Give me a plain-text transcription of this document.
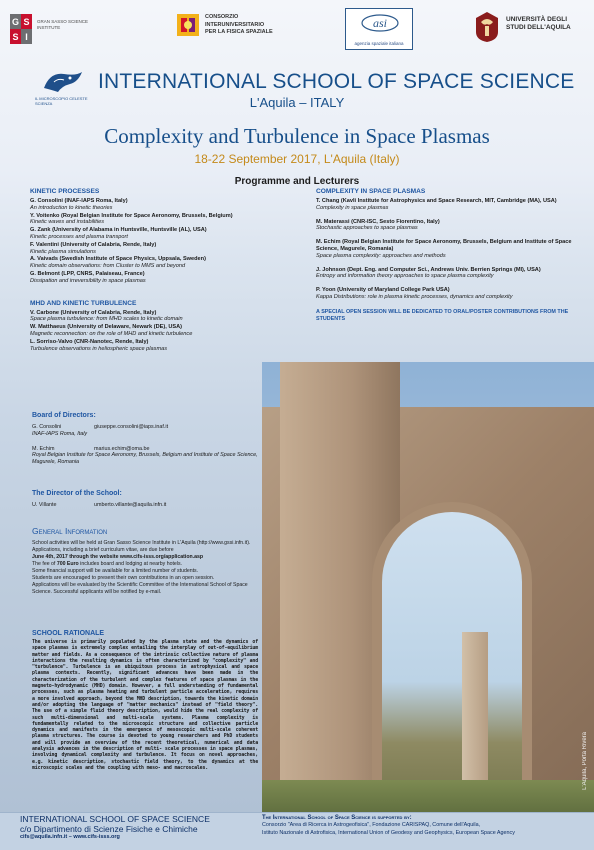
L'Aquila, Porta Rivera
G S
S I
GRAN SASSO SCIENCE INSTITUTE
CONSORZIO
INTERUNIVERSITARIO
PER LA FISICA SPAZIALE
asi
agenzia spaziale italiana
UNIVERSITÀ DEGLI
STUDI DELL'AQUILA
IL MICROSCOPIO CELESTE SCIENZA
INTERNATIONAL SCHOOL OF SPACE SCIENCE
L'Aquila – ITALY
Complexity and Turbulence in Space Plasmas
18-22 September 2017, L'Aquila (Italy)
Programme and Lecturers
KINETIC PROCESSES
G. Consolini (INAF-IAPS Roma, Italy)
An introduction to kinetic theories
Y. Voitenko (Royal Belgian Institute for Space Aeronomy, Brussels, Belgium)
Kinetic waves and instabilities
G. Zank (University of Alabama in Huntsville, Huntsville (AL), USA)
Kinetic processes and plasma transport
F. Valentini (University of Calabria, Rende, Italy)
Kinetic plasma simulations
A. Vaivads (Swedish Institute of Space Physics, Uppsala, Sweden)
Kinetic domain observations: from Cluster to MMS and beyond
G. Belmont (LPP, CNRS, Palaiseau, France)
Dissipation and irreversibility in space plasmas
MHD AND KINETIC TURBULENCE
V. Carbone (University of Calabria, Rende, Italy)
Space plasma turbulence: from MHD scales to kinetic domain
W. Matthaeus (University of Delaware, Newark (DE), USA)
Magnetic reconnection: on the role of MHD and kinetic turbulence
L. Sorriso-Valvo (CNR-Nanotec, Rende, Italy)
Turbulence observations in heliospheric space plasmas
COMPLEXITY IN SPACE PLASMAS
T. Chang (Kavli Institute for Astrophysics and Space Research, MIT, Cambridge (MA), USA)
Complexity in space plasmas
M. Materassi (CNR-ISC, Sesto Fiorentino, Italy)
Stochastic approaches to space plasmas
M. Echim (Royal Belgian Institute for Space Aeronomy, Brussels, Belgium and Institute of Space Science, Magurele, Romania)
Space plasma complexity: approaches and methods
J. Johnson (Dept. Eng. and Computer Sci., Andrews Univ. Berrien Springs (MI), USA)
Entropy and information theory approaches to space plasma complexity
P. Yoon (University of Maryland College Park USA)
Kappa Distributions: role in plasma kinetic processes, dynamics and complexity
A SPECIAL OPEN SESSION WILL BE DEDICATED TO ORAL/POSTER CONTRIBUTIONS FROM THE STUDENTS
Board of Directors:
G. Consolini	giuseppe.consolini@iaps.inaf.it
INAF-IAPS Roma, Italy
M. Echim	marius.echim@oma.be
Royal Belgian Institute for Space Aeronomy, Brussels, Belgium and Institute of Space Science, Magurele, Romania
The Director of the School:
U. Villante	umberto.villante@aquila.infn.it
General Information

School activities will be held at Gran Sasso Science Institute in L'Aquila (http://www.gssi.infn.it).

Applications, including a brief curriculum vitae, are due before

June 4th, 2017 through the website www.cifs-isss.org/application.asp

The fee of 700 Euro includes board and lodging at nearby hotels.

Some financial support will be available for a limited number of students.

Students are encouraged to present their own contributions in an open session.

Applications will be evaluated by the Scientific Committee of the International School of Space Science. Successful applicants will be notified by e-mail.

SCHOOL RATIONALE

The universe is primarily populated by the plasma state and the dynamics of space plasmas is extremely complex entailing the interplay of out-of-equilibrium matter and fields. As a consequence of the intrinsic collective nature of plasma interactions the resulting dynamics is often characterized by "complexity" and "turbulence". Turbulence is an ubiquitous process in astrophysical and space plasma contexts. Recently, significant advances have been made in the characterization of the turbulent and complex features of space plasmas in the magneto-hydrodynamic (MHD) domain. However, a full understanding of fundamental processes, such as plasma heating and turbulent particle acceleration, requires a more involved approach, beyond the MHD description, towards the kinetic domain and/or adopting the language of "matter mechanics" instead of "field theory". The use of a simple fluid theory description, would hide the real complexity of such multi-dimensional and multi-scale systems. Plasma complexity is fundamentally related to the microscopic structure and collective particle dynamics and manifests in the emergence of mesoscopic multi-scale coherent plasma structures. The course is devoted to young researchers and PhD students and will provide an overview of the recent theoretical, numerical and data analysis advances in the description of multi- scale processes in space plasmas, involving dynamical complexity and turbulence. It focus on novel approaches, e.g. kinetic description, stochastic field theory, to the dynamics at the microscopic scales and the coupling with meso- and macroscales.

INTERNATIONAL SCHOOL OF SPACE SCIENCE
c/o Dipartimento di Scienze Fisiche e Chimiche
cifs@aquila.infn.it – www.cifs-isss.org
The International School of Space Science is supported by:
Consorzio "Area di Ricerca in Astrogeofisica", Fondazione CARISPAQ, Comune dell'Aquila,
Istituto Nazionale di Astrofisica, International Union of Geodesy and Geophysics, European Space Agency
